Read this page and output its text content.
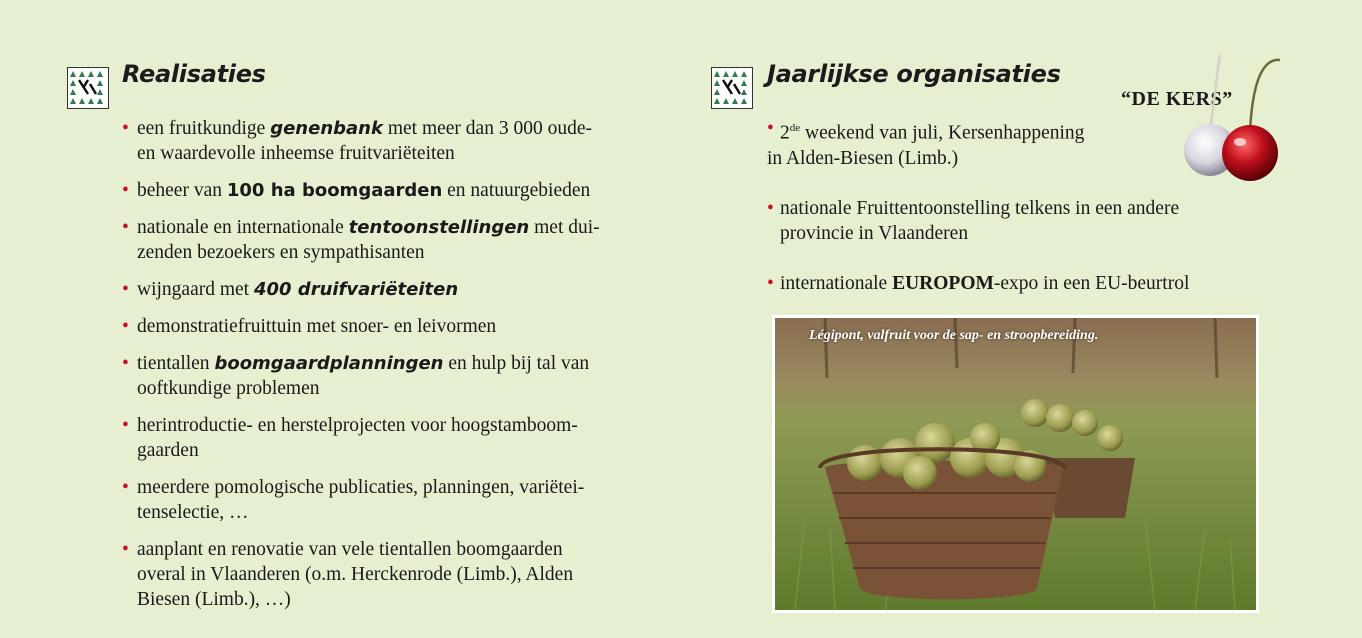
Realisaties
• een fruitkundige genenbank met meer dan 3 000 oude-
en waardevolle inheemse fruitvariëteiten
• beheer van 100 ha boomgaarden en natuurgebieden
• nationale en internationale tentoonstellingen met dui-
zenden bezoekers en sympathisanten
• wijngaard met 400 druifvariëteiten
• demonstratiefruittuin met snoer- en leivormen
• tientallen boomgaardplanningen en hulp bij tal van
ooftkundige problemen
• herintroductie- en herstelprojecten voor hoogstamboom-
gaarden
• meerdere pomologische publicaties, planningen, variëtei-
tenselectie, …
• aanplant en renovatie van vele tientallen boomgaarden
overal in Vlaanderen (o.m. Herckenrode (Limb.), Alden
Biesen (Limb.), …)
Jaarlijkse organisaties
“DE KERS”
• 2de weekend van juli, Kersenhappening
in Alden-Biesen (Limb.)
• nationale Fruittentoonstelling telkens in een andere
provincie in Vlaanderen
• internationale EUROPOM-expo in een EU-beurtrol
Légipont, valfruit voor de sap- en stroopbereiding.
